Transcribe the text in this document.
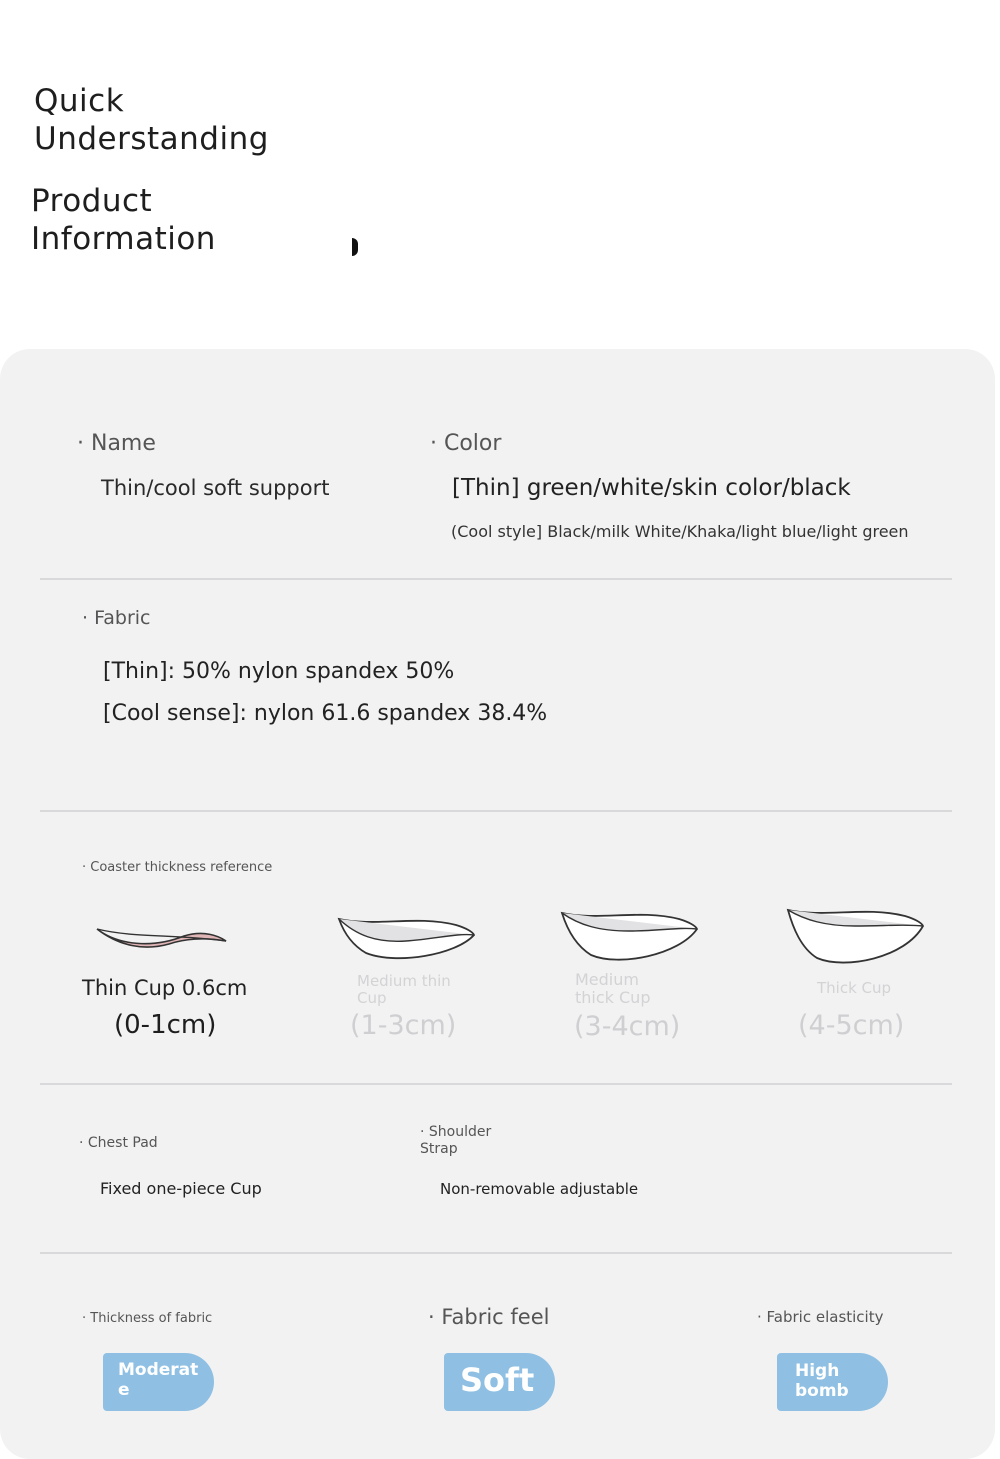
Quick
Understanding
Product
Information
· Name
Thin/cool soft support
· Color
[Thin] green/white/skin color/black
(Cool style] Black/milk White/Khaka/light blue/light green
· Fabric
[Thin]: 50% nylon spandex 50%
[Cool sense]: nylon 61.6 spandex 38.4%
· Coaster thickness reference
Thin Cup 0.6cm
(0-1cm)
Medium thin
Cup
(1-3cm)
Medium
thick Cup
(3-4cm)
Thick Cup
(4-5cm)
· Chest Pad
Fixed one-piece Cup
· Shoulder
Strap
Non-removable adjustable
· Thickness of fabric
Moderat
e
· Fabric feel
Soft
· Fabric elasticity
High
bomb
